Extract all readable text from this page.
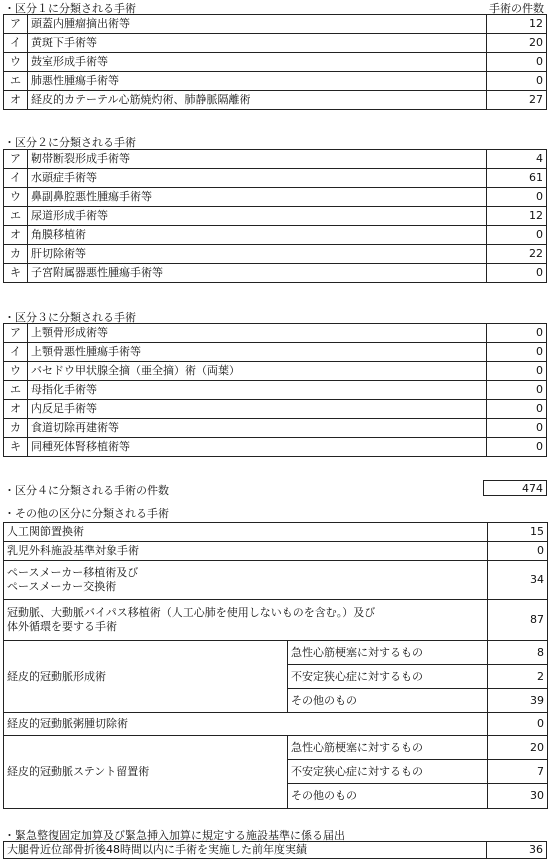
手術の件数
・区分１に分類される手術
ア	頭蓋内腫瘤摘出術等	12
イ	黄斑下手術等	20
ウ	鼓室形成手術等	0
エ	肺悪性腫瘍手術等	0
オ	経皮的カテーテル心筋焼灼術、肺静脈隔離術	27
・区分２に分類される手術
ア	靭帯断裂形成手術等	4
イ	水頭症手術等	61
ウ	鼻副鼻腔悪性腫瘍手術等	0
エ	尿道形成手術等	12
オ	角膜移植術	0
カ	肝切除術等	22
キ	子宮附属器悪性腫瘍手術等	0
・区分３に分類される手術
ア	上顎骨形成術等	0
イ	上顎骨悪性腫瘍手術等	0
ウ	バセドウ甲状腺全摘（亜全摘）術（両葉）	0
エ	母指化手術等	0
オ	内反足手術等	0
カ	食道切除再建術等	0
キ	同種死体腎移植術等	0
・区分４に分類される手術の件数	474
・その他の区分に分類される手術
人工関節置換術		15
乳児外科施設基準対象手術		0

ペースメーカー移植術及び
ペースメーカー交換術		34

冠動脈、大動脈バイパス移植術（人工心肺を使用しないものを含む。）及び
体外循環を要する手術		87
経皮的冠動脈形成術	急性心筋梗塞に対するもの	8
	不安定狭心症に対するもの	2
	その他のもの	39
経皮的冠動脈粥腫切除術		0
経皮的冠動脈ステント留置術	急性心筋梗塞に対するもの	20
	不安定狭心症に対するもの	7
	その他のもの	30
・緊急整復固定加算及び緊急挿入加算に規定する施設基準に係る届出
大腿骨近位部骨折後48時間以内に手術を実施した前年度実績	36
